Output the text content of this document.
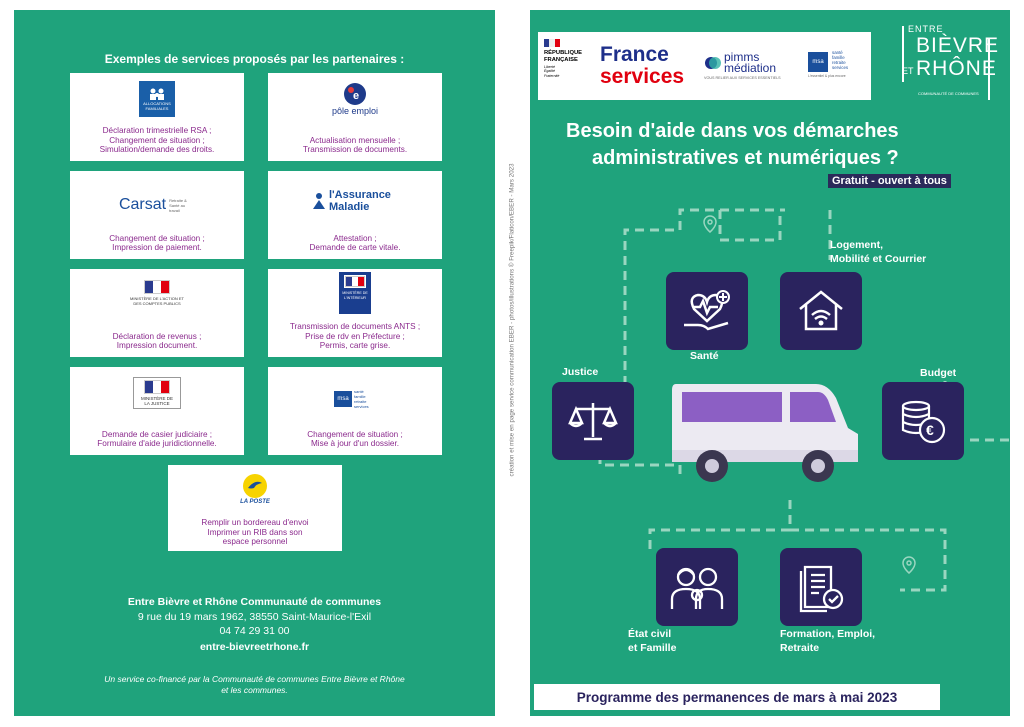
Exemples de services proposés par les partenaires :
ALLOCATIONS FAMILIALES
Déclaration trimestrielle RSA ;
Changement de situation ;
Simulation/demande des droits.
e
pôle emploi
Actualisation mensuelle ;
Transmission de documents.
Carsat Retraite & Santé au travail
Changement de situation ;
Impression de paiement.
l'Assurance Maladie
Attestation ;
Demande de carte vitale.
MINISTÈRE DE L'ACTION ET DES COMPTES PUBLICS
Déclaration de revenus ;
Impression document.
MINISTÈRE DE L'INTÉRIEUR
Transmission de documents ANTS ;
Prise de rdv en Préfecture ;
Permis, carte grise.
MINISTÈRE DE LA JUSTICE
Demande de casier judiciaire ;
Formulaire d'aide juridictionnelle.
msa
santé famille retraite services
Changement de situation ;
Mise à jour d'un dossier.
LA POSTE
Remplir un bordereau d'envoi
Imprimer un RIB dans son
espace personnel
Entre Bièvre et Rhône Communauté de communes
9 rue du 19 mars 1962, 38550 Saint-Maurice-l'Exil
04 74 29 31 00
entre-bievreetrhone.fr
Un service co-financé par la Communauté de communes Entre Bièvre et Rhône
et les communes.
création et mise en page service communication EBER - photos/illustrations © Freepik/Flaticon/EBER - Mars 2023
RÉPUBLIQUE
FRANÇAISE
Liberté
Égalité
Fraternité
France
services
pimms
médiation
VOUS RELIER AUX SERVICES ESSENTIELS
msa
santé
famille
retraite
services
L'essentiel & plus encore
ENTRE
BIÈVRE
ET RHÔNE
COMMUNAUTÉ DE COMMUNES
Besoin d'aide dans vos démarches
administratives et numériques ?
Gratuit - ouvert à tous
Logement,
Mobilité et Courrier
Santé
Justice
€
Budget
État civil
et Famille
Formation, Emploi,
Retraite
Programme des permanences de mars à mai 2023
